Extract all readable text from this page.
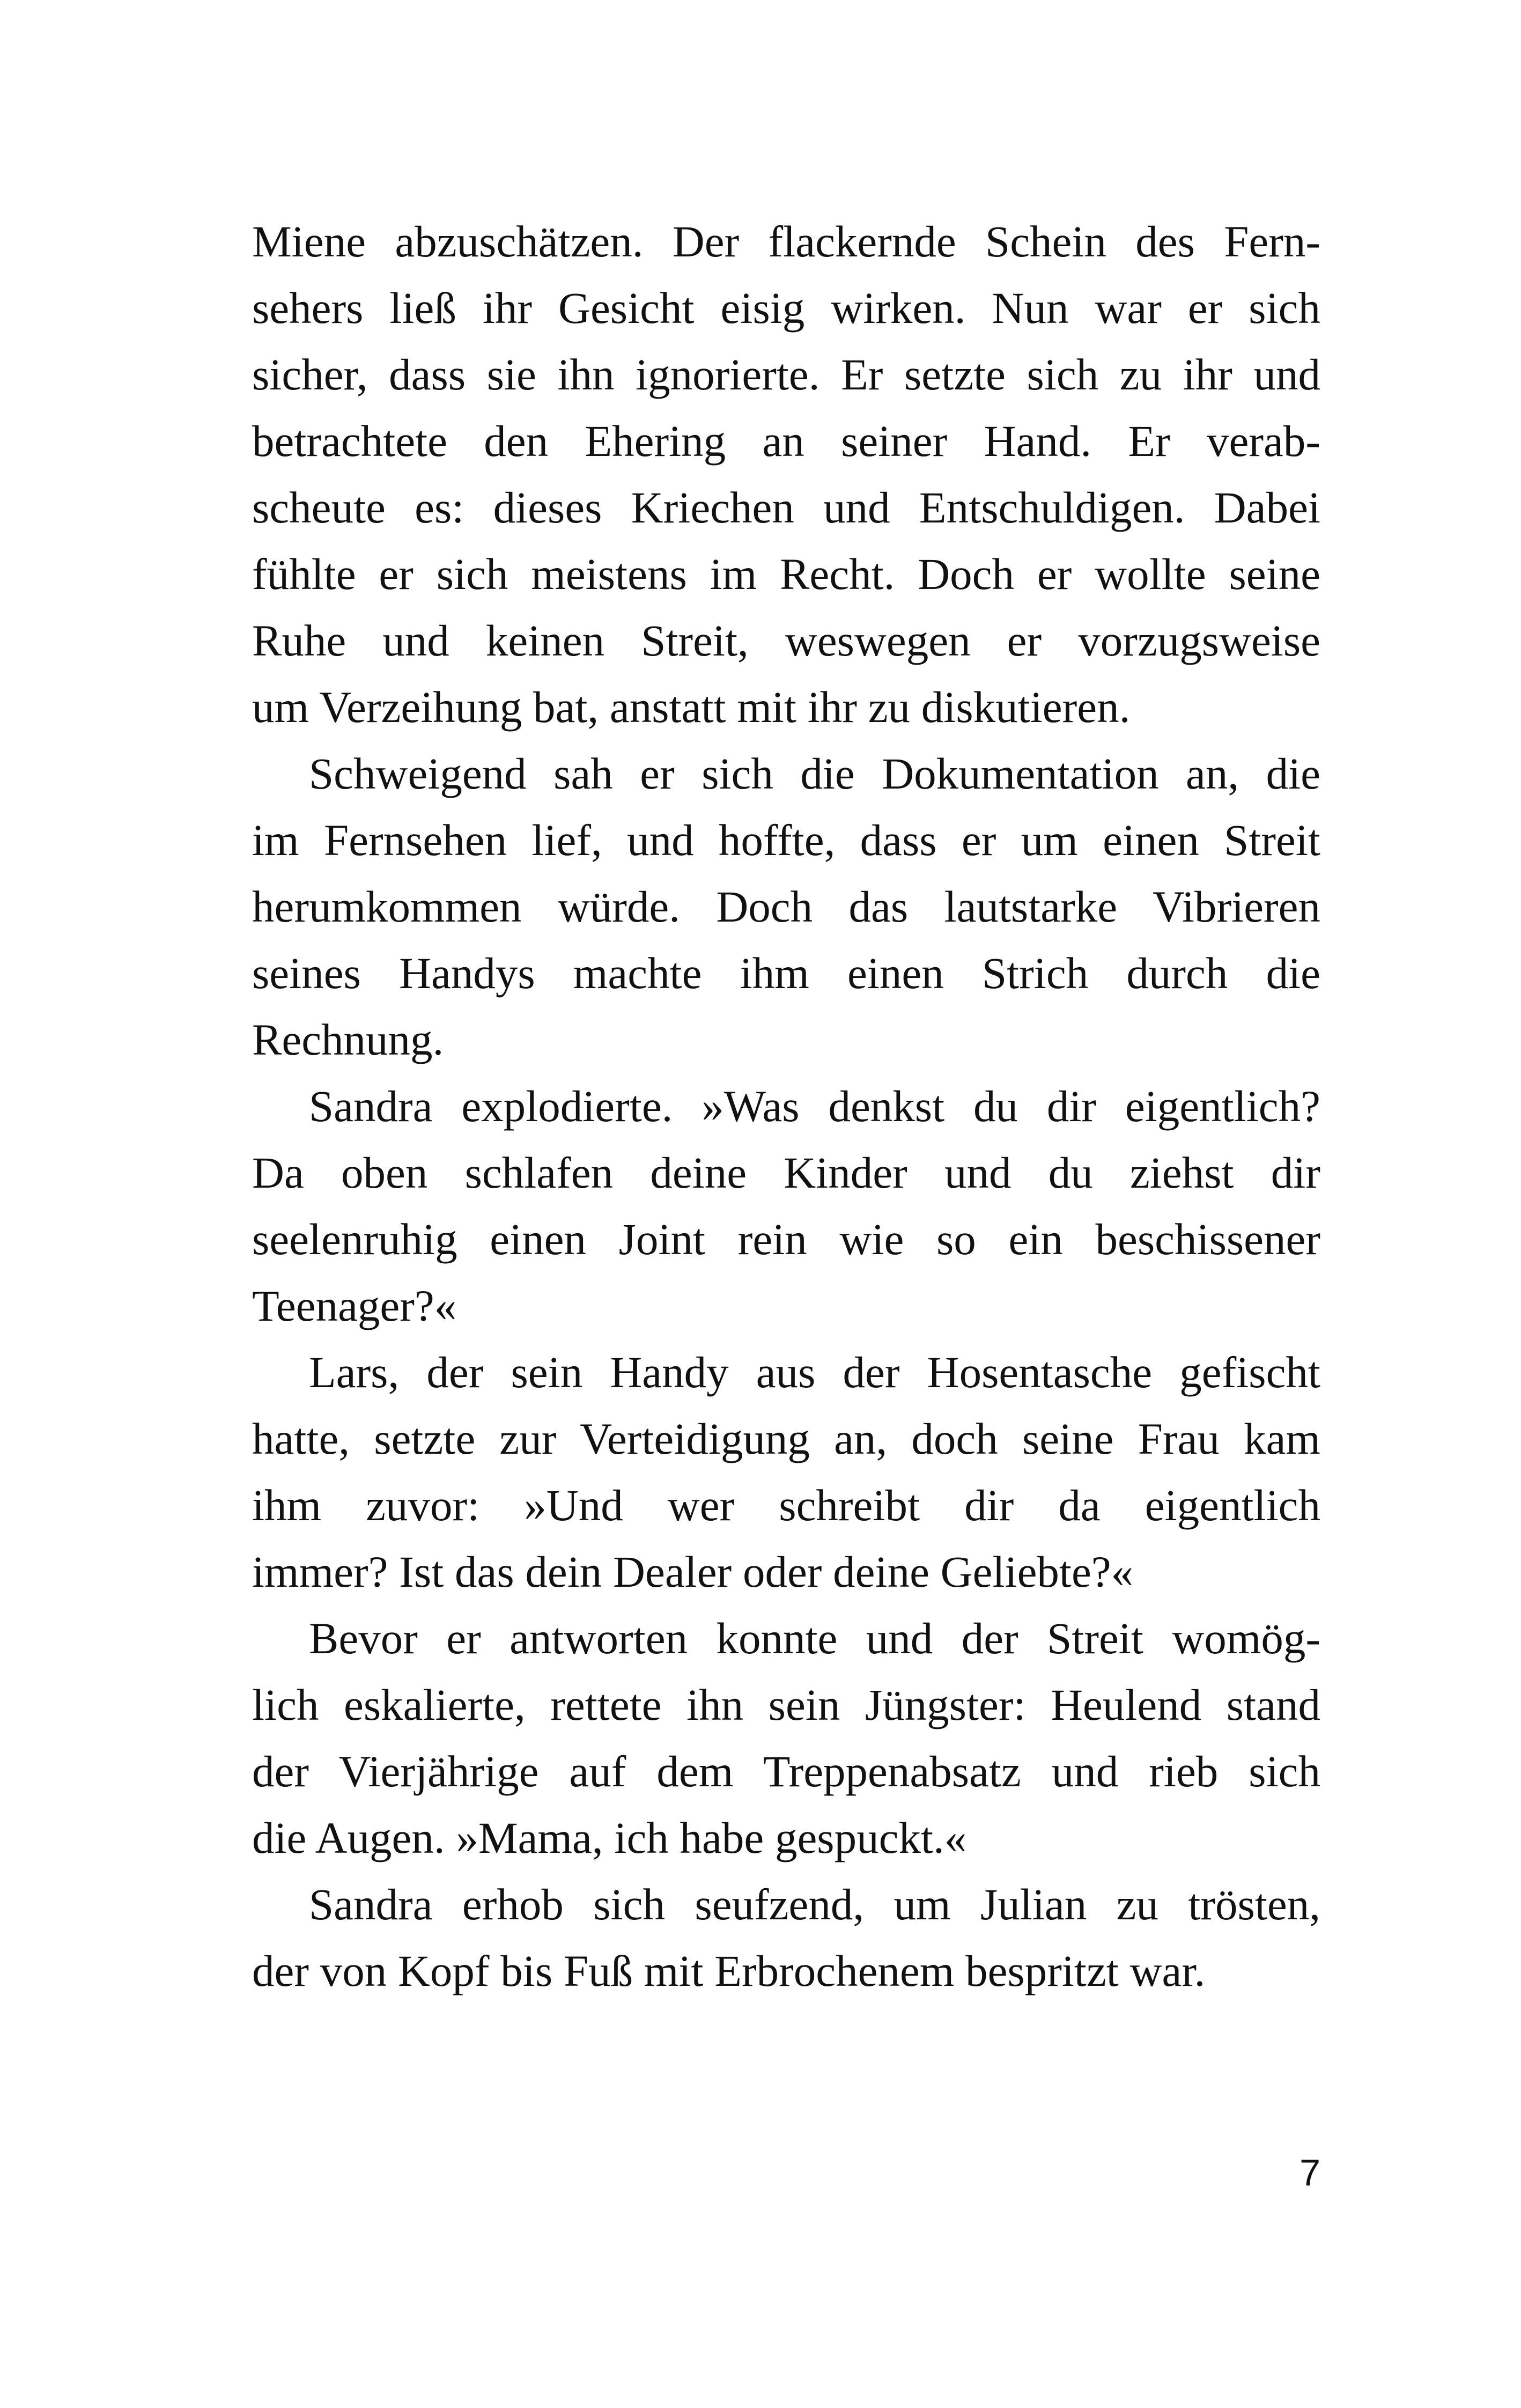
Miene abzuschätzen. Der flackernde Schein des Fern-
sehers ließ ihr Gesicht eisig wirken. Nun war er sich
sicher, dass sie ihn ignorierte. Er setzte sich zu ihr und
betrachtete den Ehering an seiner Hand. Er verab-
scheute es: dieses Kriechen und Entschuldigen. Dabei
fühlte er sich meistens im Recht. Doch er wollte seine
Ruhe und keinen Streit, weswegen er vorzugsweise
um Verzeihung bat, anstatt mit ihr zu diskutieren.
Schweigend sah er sich die Dokumentation an, die
im Fernsehen lief, und hoffte, dass er um einen Streit
herumkommen würde. Doch das lautstarke Vibrieren
seines Handys machte ihm einen Strich durch die
Rechnung.
Sandra explodierte. »Was denkst du dir eigentlich?
Da oben schlafen deine Kinder und du ziehst dir
seelenruhig einen Joint rein wie so ein beschissener
Teenager?«
Lars, der sein Handy aus der Hosentasche gefischt
hatte, setzte zur Verteidigung an, doch seine Frau kam
ihm zuvor: »Und wer schreibt dir da eigentlich
immer? Ist das dein Dealer oder deine Geliebte?«
Bevor er antworten konnte und der Streit womög-
lich eskalierte, rettete ihn sein Jüngster: Heulend stand
der Vierjährige auf dem Treppenabsatz und rieb sich
die Augen. »Mama, ich habe gespuckt.«
Sandra erhob sich seufzend, um Julian zu trösten,
der von Kopf bis Fuß mit Erbrochenem bespritzt war.
7
